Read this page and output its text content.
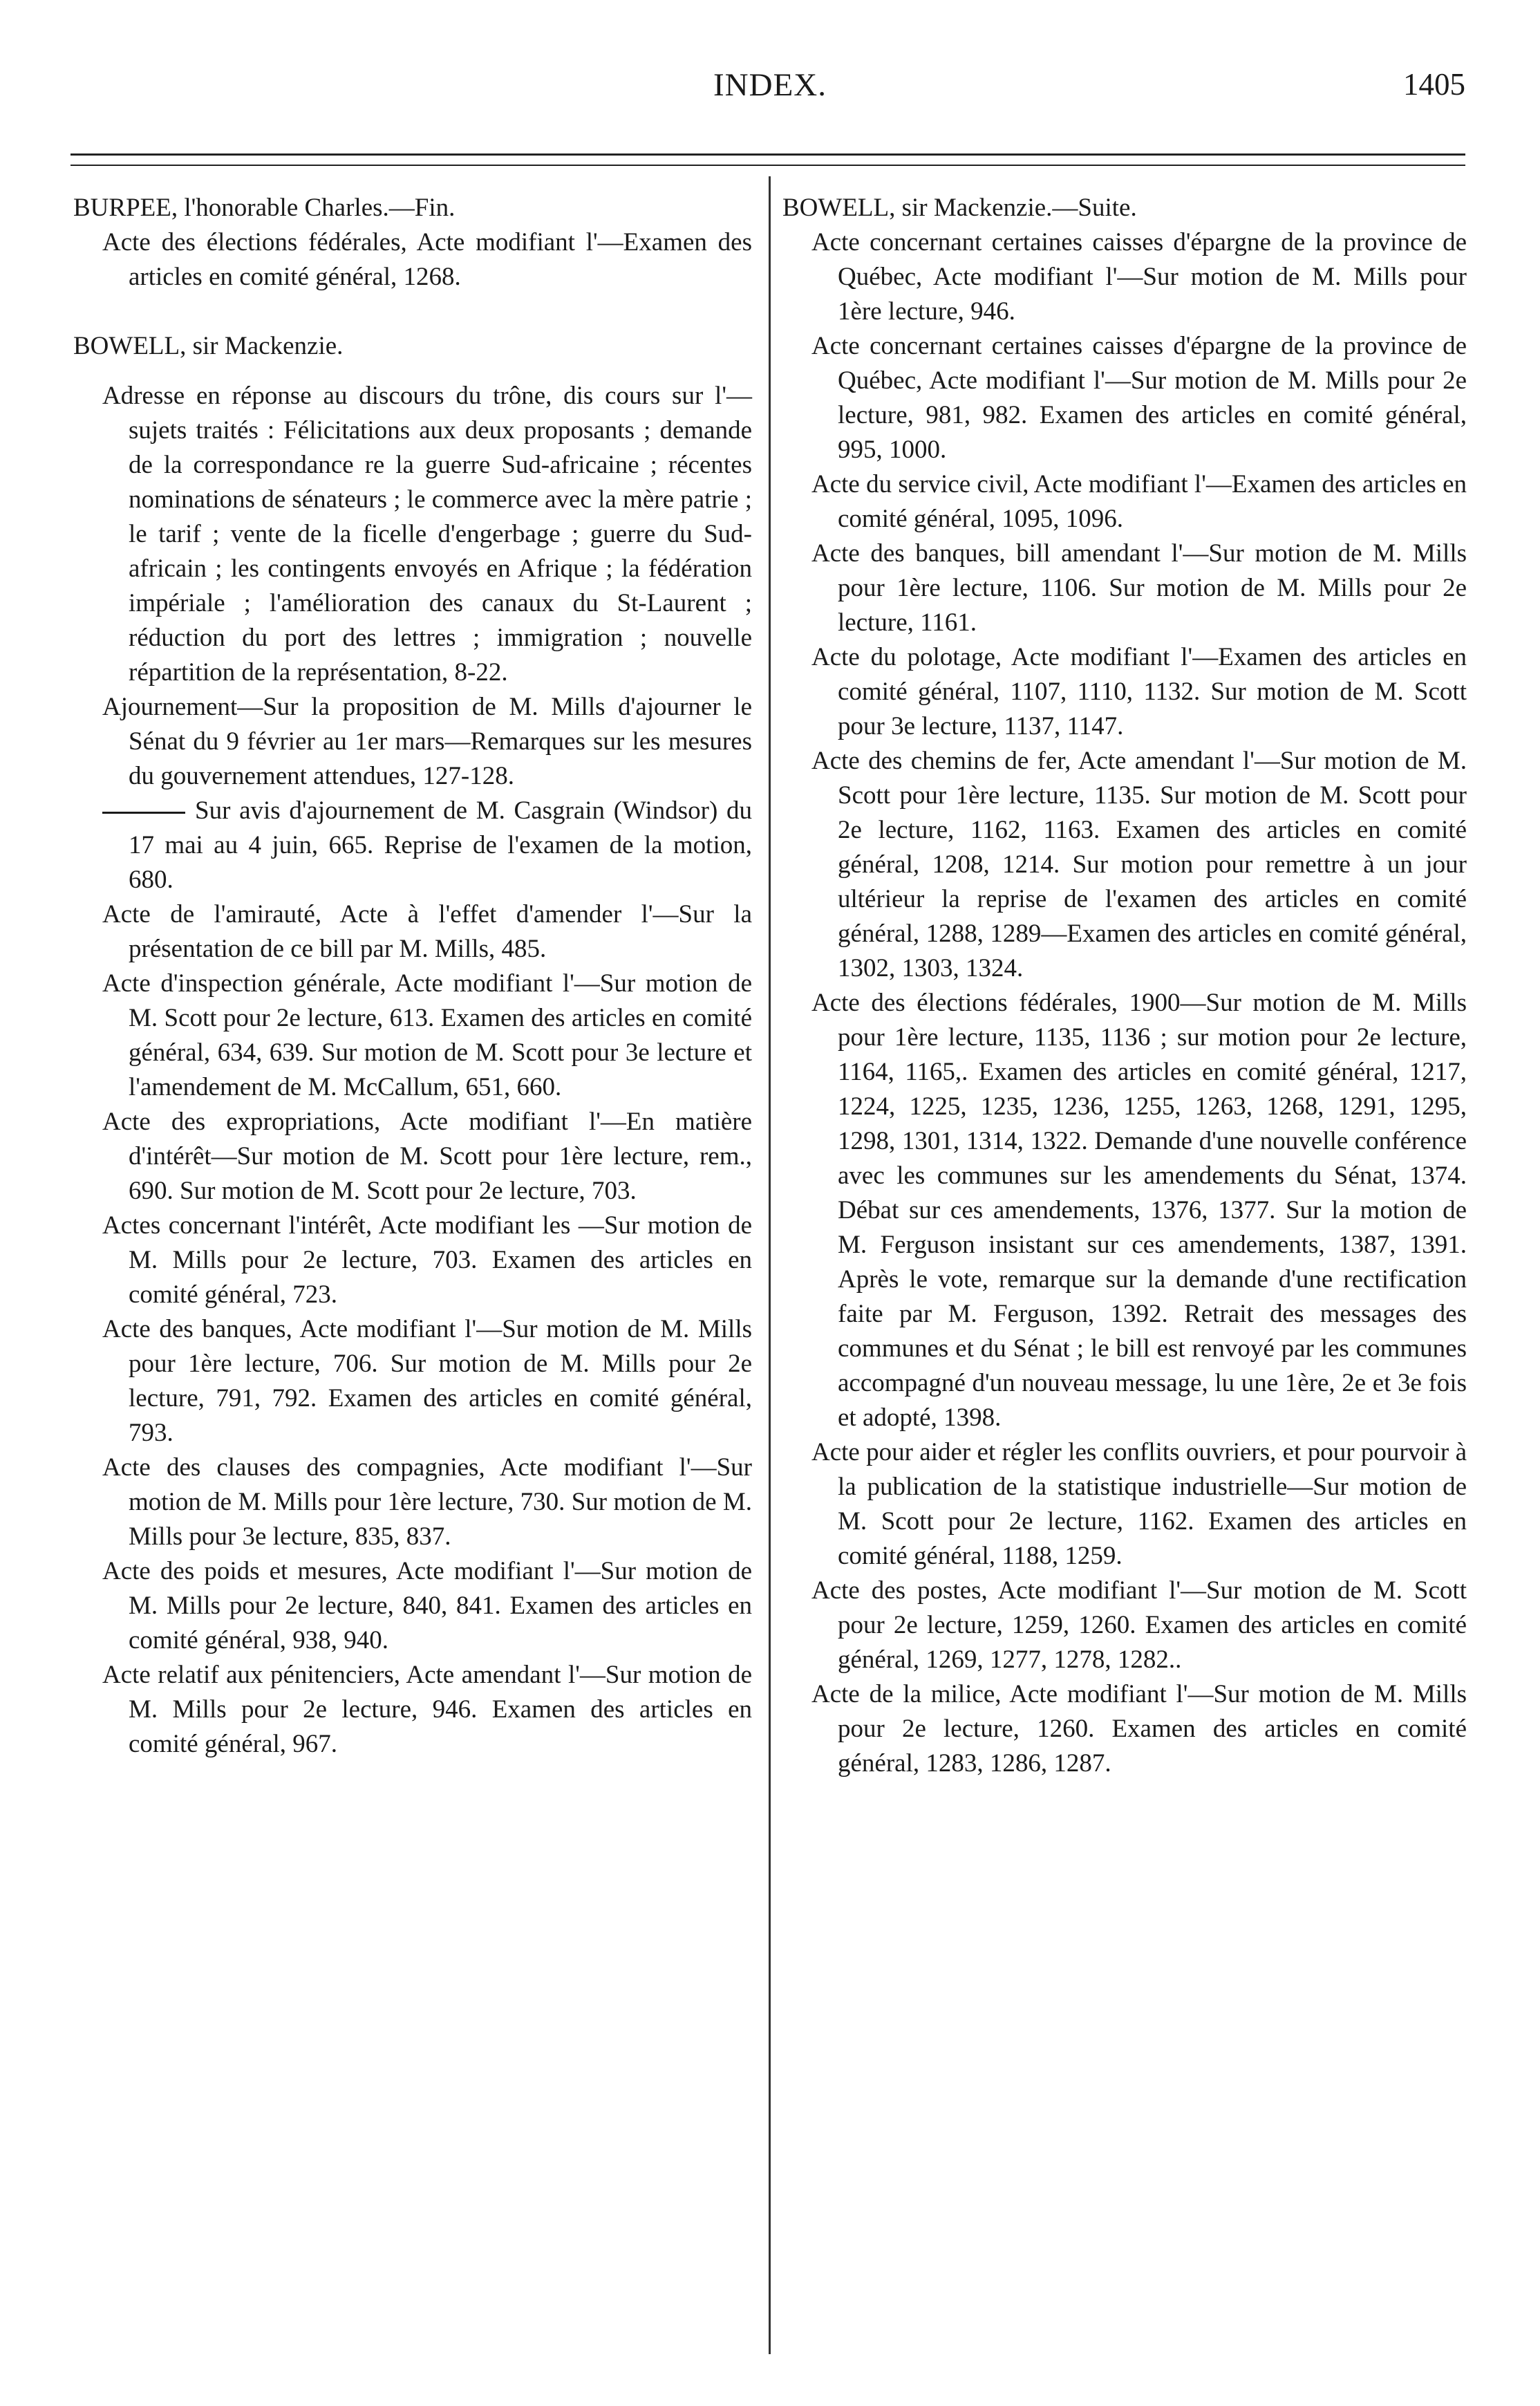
INDEX.	1405

BURPEE, l'honorable Charles.—Fin.

Acte des élections fédérales, Acte modifiant l'—Examen des articles en comité général, 1268.

BOWELL, sir Mackenzie.

Adresse en réponse au discours du trône, dis cours sur l'—sujets traités : Félicitations aux deux proposants ; demande de la correspondance re la guerre Sud-africaine ; récentes nominations de sénateurs ; le commerce avec la mère patrie ; le tarif ; vente de la ficelle d'engerbage ; guerre du Sud-africain ; les contingents envoyés en Afrique ; la fédération impériale ; l'amélioration des canaux du St-Laurent ; réduction du port des lettres ; immigration ; nouvelle répartition de la représentation, 8-22.

Ajournement—Sur la proposition de M. Mills d'ajourner le Sénat du 9 février au 1er mars—Remarques sur les mesures du gouvernement attendues, 127-128.

Sur avis d'ajournement de M. Casgrain (Windsor) du 17 mai au 4 juin, 665. Reprise de l'examen de la motion, 680.

Acte de l'amirauté, Acte à l'effet d'amender l'—Sur la présentation de ce bill par M. Mills, 485.

Acte d'inspection générale, Acte modifiant l'—Sur motion de M. Scott pour 2e lecture, 613. Examen des articles en comité général, 634, 639. Sur motion de M. Scott pour 3e lecture et l'amendement de M. McCallum, 651, 660.

Acte des expropriations, Acte modifiant l'—En matière d'intérêt—Sur motion de M. Scott pour 1ère lecture, rem., 690. Sur motion de M. Scott pour 2e lecture, 703.

Actes concernant l'intérêt, Acte modifiant les —Sur motion de M. Mills pour 2e lecture, 703. Examen des articles en comité général, 723.

Acte des banques, Acte modifiant l'—Sur motion de M. Mills pour 1ère lecture, 706. Sur motion de M. Mills pour 2e lecture, 791, 792. Examen des articles en comité général, 793.

Acte des clauses des compagnies, Acte modifiant l'—Sur motion de M. Mills pour 1ère lecture, 730. Sur motion de M. Mills pour 3e lecture, 835, 837.

Acte des poids et mesures, Acte modifiant l'—Sur motion de M. Mills pour 2e lecture, 840, 841. Examen des articles en comité général, 938, 940.

Acte relatif aux pénitenciers, Acte amendant l'—Sur motion de M. Mills pour 2e lecture, 946. Examen des articles en comité général, 967.

BOWELL, sir Mackenzie.—Suite.

Acte concernant certaines caisses d'épargne de la province de Québec, Acte modifiant l'—Sur motion de M. Mills pour 1ère lecture, 946.

Acte concernant certaines caisses d'épargne de la province de Québec, Acte modifiant l'—Sur motion de M. Mills pour 2e lecture, 981, 982. Examen des articles en comité général, 995, 1000.

Acte du service civil, Acte modifiant l'—Examen des articles en comité général, 1095, 1096.

Acte des banques, bill amendant l'—Sur motion de M. Mills pour 1ère lecture, 1106. Sur motion de M. Mills pour 2e lecture, 1161.

Acte du polotage, Acte modifiant l'—Examen des articles en comité général, 1107, 1110, 1132. Sur motion de M. Scott pour 3e lecture, 1137, 1147.

Acte des chemins de fer, Acte amendant l'—Sur motion de M. Scott pour 1ère lecture, 1135. Sur motion de M. Scott pour 2e lecture, 1162, 1163. Examen des articles en comité général, 1208, 1214. Sur motion pour remettre à un jour ultérieur la reprise de l'examen des articles en comité général, 1288, 1289—Examen des articles en comité général, 1302, 1303, 1324.

Acte des élections fédérales, 1900—Sur motion de M. Mills pour 1ère lecture, 1135, 1136 ; sur motion pour 2e lecture, 1164, 1165,. Examen des articles en comité général, 1217, 1224, 1225, 1235, 1236, 1255, 1263, 1268, 1291, 1295, 1298, 1301, 1314, 1322. Demande d'une nouvelle conférence avec les communes sur les amendements du Sénat, 1374. Débat sur ces amendements, 1376, 1377. Sur la motion de M. Ferguson insistant sur ces amendements, 1387, 1391. Après le vote, remarque sur la demande d'une rectification faite par M. Ferguson, 1392. Retrait des messages des communes et du Sénat ; le bill est renvoyé par les communes accompagné d'un nouveau message, lu une 1ère, 2e et 3e fois et adopté, 1398.

Acte pour aider et régler les conflits ouvriers, et pour pourvoir à la publication de la statistique industrielle—Sur motion de M. Scott pour 2e lecture, 1162. Examen des articles en comité général, 1188, 1259.

Acte des postes, Acte modifiant l'—Sur motion de M. Scott pour 2e lecture, 1259, 1260. Examen des articles en comité général, 1269, 1277, 1278, 1282..

Acte de la milice, Acte modifiant l'—Sur motion de M. Mills pour 2e lecture, 1260. Examen des articles en comité général, 1283, 1286, 1287.
